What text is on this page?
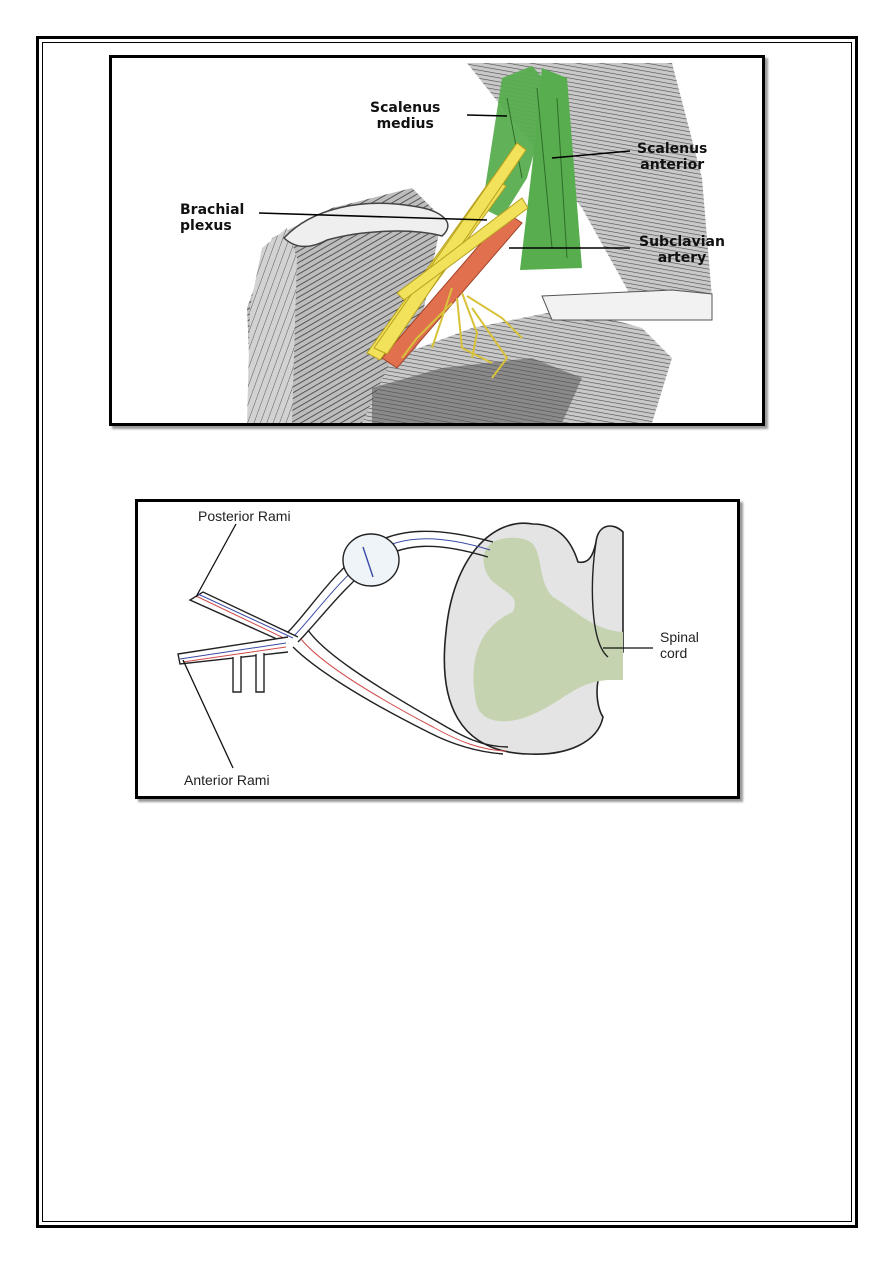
Scalenus
medius
Scalenus
anterior
Brachial
plexus
Subclavian
artery
Posterior Rami
Anterior Rami
Spinal
cord
